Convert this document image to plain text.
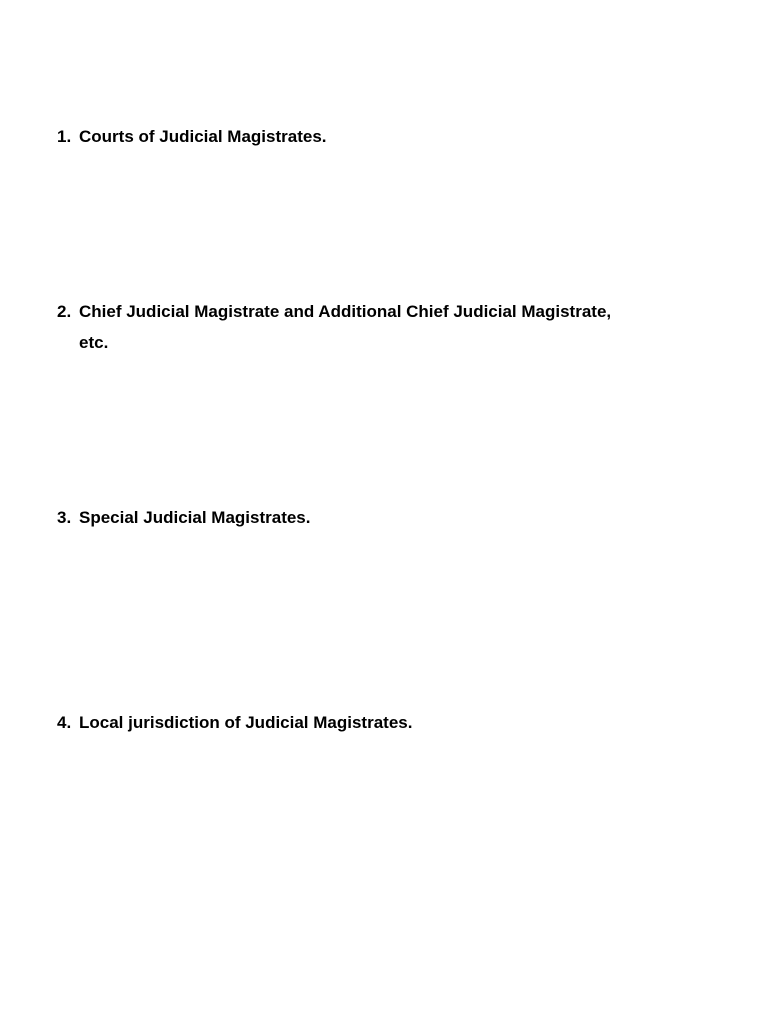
1. Courts of Judicial Magistrates.
2. Chief Judicial Magistrate and Additional Chief Judicial Magistrate, etc.
3. Special Judicial Magistrates.
4. Local jurisdiction of Judicial Magistrates.
